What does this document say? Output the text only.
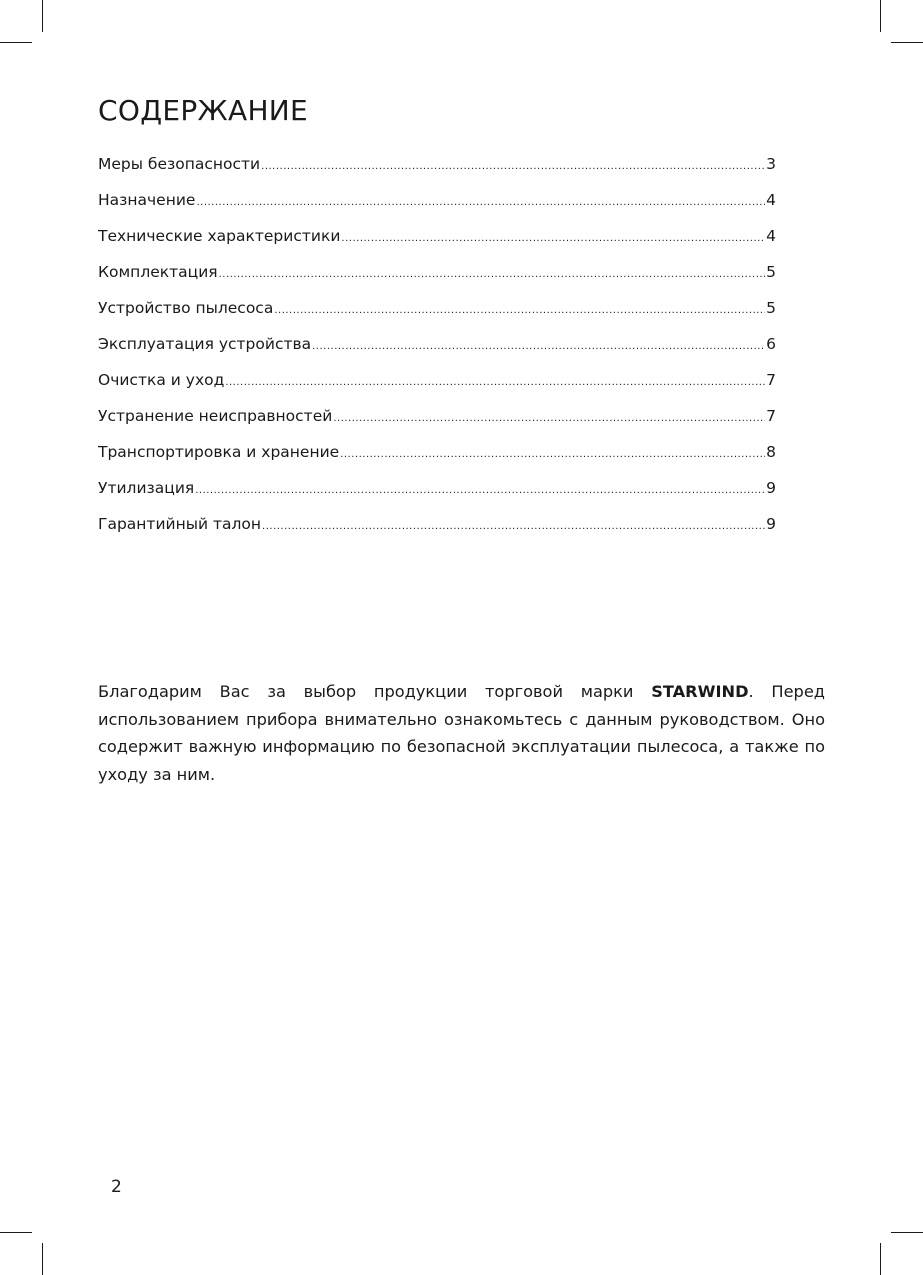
СОДЕРЖАНИЕ
Меры безопасности .....	3
Назначение .....	4
Технические характеристики .....	4
Комплектация .....	5
Устройство пылесоса .....	5
Эксплуатация устройства .....	6
Очистка и уход .....	7
Устранение неисправностей .....	7
Транспортировка и хранение .....	8
Утилизация .....	9
Гарантийный талон .....	9

Благодарим Вас за выбор продукции торговой марки STARWIND. Перед использованием прибора внимательно ознакомьтесь с данным руководством. Оно содержит важную информацию по безопасной эксплуатации пылесоса, а также по уходу за ним.

2
